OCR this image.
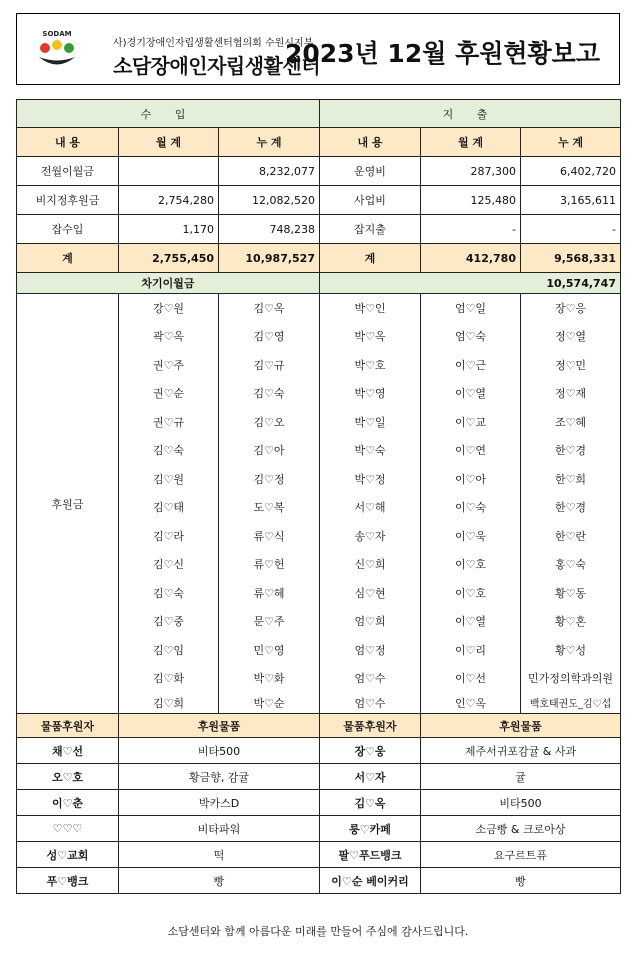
SODAM
사)경기장애인자립생활센터협의회 수원시지부
소담장애인자립생활센터
2023년 12월 후원현황보고
수 입			지 출		
내 용	월 계	누 계	내 용	월 계	누 계
전월이월금		8,232,077	운영비	287,300	6,402,720
비지정후원금	2,754,280	12,082,520	사업비	125,480	3,165,611
잡수입	1,170	748,238	잡지출	-	-
계	2,755,450	10,987,527	계	412,780	9,568,331
차기이월금			10,574,747		
후원금	강♡원	김♡옥	박♡인	엄♡일	장♡응
	곽♡옥	김♡영	박♡옥	엄♡숙	정♡열
	권♡주	김♡규	박♡호	이♡근	정♡민
	권♡순	김♡숙	박♡영	이♡열	정♡재
	권♡규	김♡오	박♡일	이♡교	조♡혜
	김♡숙	김♡아	박♡숙	이♡연	한♡경
	김♡원	김♡정	박♡정	이♡아	한♡희
	김♡태	도♡복	서♡해	이♡숙	한♡경
	김♡라	류♡식	송♡자	이♡욱	한♡란
	김♡신	류♡헌	신♡희	이♡호	홍♡숙
	김♡숙	류♡혜	심♡현	이♡호	황♡동
	김♡중	문♡주	엄♡희	이♡열	황♡혼
	김♡임	민♡영	엄♡정	이♡리	황♡성
	김♡화	박♡화	엄♡수	이♡선	민가정의학과의원
	김♡희	박♡순	엄♡수	인♡옥	백호태권도_김♡섭
물품후원자	후원물품		물품후원자	후원물품	
채♡선	비타500		장♡웅	제주서귀포감귤 & 사과	
오♡호	황금향, 감귤		서♡자	귤	
이♡춘	박카스D		김♡옥	비타500	
♡♡♡	비타파워		룽♡카페	소금빵 & 크로아상	
성♡교회	떡		팔♡푸드뱅크	요구르트퓨	
푸♡뱅크	빵		이♡순 베이커리	빵	
소담센터와 함께 아름다운 미래를 만들어 주심에 감사드립니다.
